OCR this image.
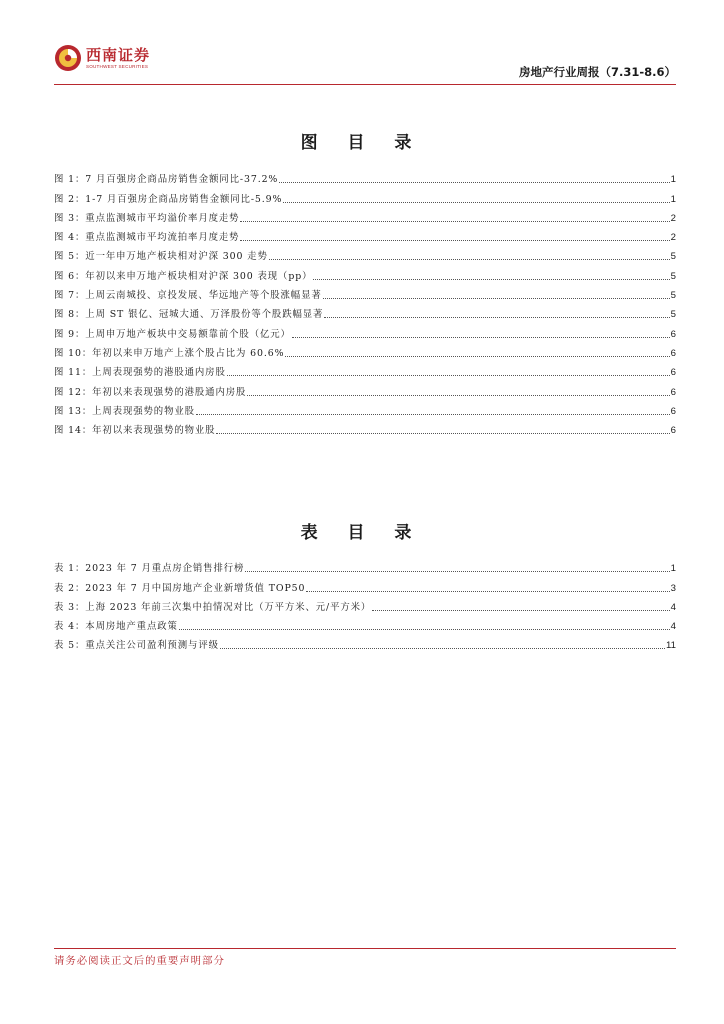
西南证券
SOUTHWEST SECURITIES	房地产行业周报（7.31-8.6）
图 目 录
图 1：7 月百强房企商品房销售金额同比-37.2%	1
图 2：1-7 月百强房企商品房销售金额同比-5.9%	1
图 3：重点监测城市平均溢价率月度走势	2
图 4：重点监测城市平均流拍率月度走势	2
图 5：近一年申万地产板块相对沪深 300 走势	5
图 6：年初以来申万地产板块相对沪深 300 表现（pp）	5
图 7：上周云南城投、京投发展、华远地产等个股涨幅显著	5
图 8：上周 ST 银亿、冠城大通、万泽股份等个股跌幅显著	5
图 9：上周申万地产板块中交易额靠前个股（亿元）	6
图 10：年初以来申万地产上涨个股占比为 60.6%	6
图 11：上周表现强势的港股通内房股	6
图 12：年初以来表现强势的港股通内房股	6
图 13：上周表现强势的物业股	6
图 14：年初以来表现强势的物业股	6
表 目 录
表 1：2023 年 7 月重点房企销售排行榜	1
表 2：2023 年 7 月中国房地产企业新增货值 TOP50	3
表 3：上海 2023 年前三次集中拍情况对比（万平方米、元/平方米）	4
表 4：本周房地产重点政策	4
表 5：重点关注公司盈利预测与评级	11
请务必阅读正文后的重要声明部分
